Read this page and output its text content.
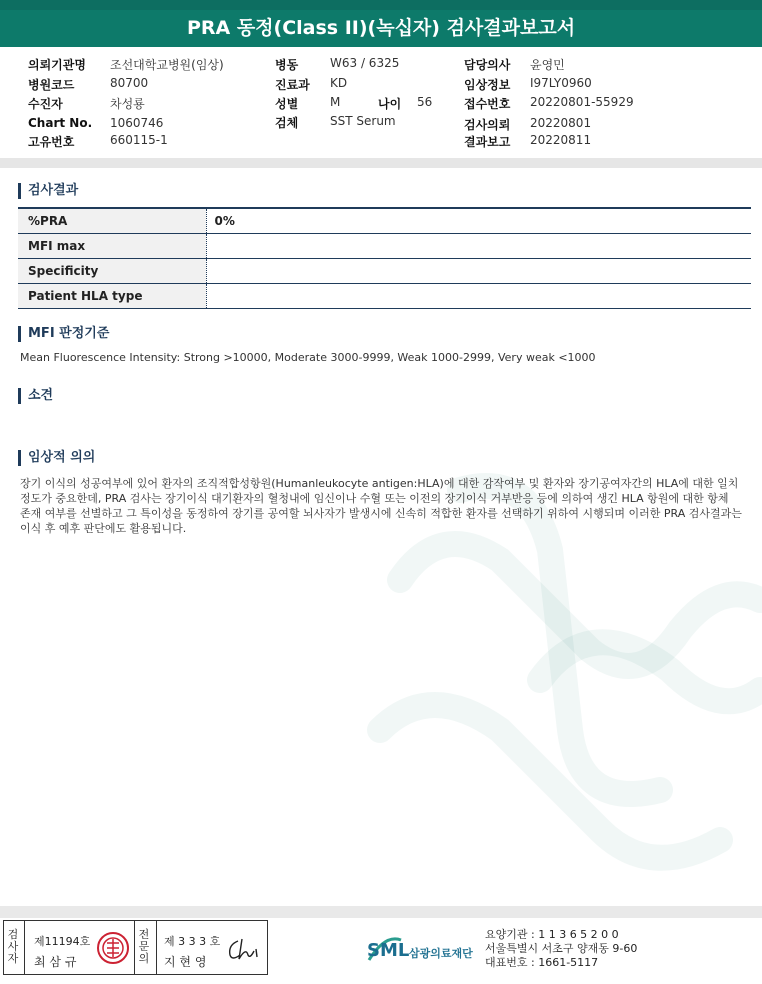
PRA 동정(Class II)(녹십자) 검사결과보고서
의뢰기관명 조선대학교병원(임상)
병원코드	80700
수진자	차성룡
Chart No. 1060746
고유번호	660115-1
병동	W63 / 6325
진료과 KD
성별	M	나이 56
검체	SST Serum
담당의사 윤영민
임상정보 I97LY0960
접수번호 20220801-55929
검사의뢰 20220801
결과보고 20220811
검사결과
%PRA	0%
MFI max	
Specificity	
Patient HLA type	
MFI 판정기준
Mean Fluorescence Intensity: Strong >10000, Moderate 3000-9999, Weak 1000-2999, Very weak <1000
소견
임상적 의의
장기 이식의 성공여부에 있어 환자의 조직적합성항원(Humanleukocyte antigen:HLA)에 대한 감작여부 및 환자와 장기공여자간의 HLA에 대한 일치
정도가 중요한데, PRA 검사는 장기이식 대기환자의 혈청내에 임신이나 수혈 또는 이전의 장기이식 거부반응 등에 의하여 생긴 HLA 항원에 대한 항체
존재 여부를 선별하고 그 특이성을 동정하여 장기를 공여할 뇌사자가 발생시에 신속히 적합한 환자를 선택하기 위하여 시행되며 이러한 PRA 검사결과는
이식 후 예후 판단에도 활용됩니다.
검
사
자
제11194호
최 삼 규
전
문
의
제 3 3 3 호
지 현 영
SML 삼광의료재단
요양기관 : 1 1 3 6 5 2 0 0
서울특별시 서초구 양재동 9-60
대표번호 : 1661-5117
